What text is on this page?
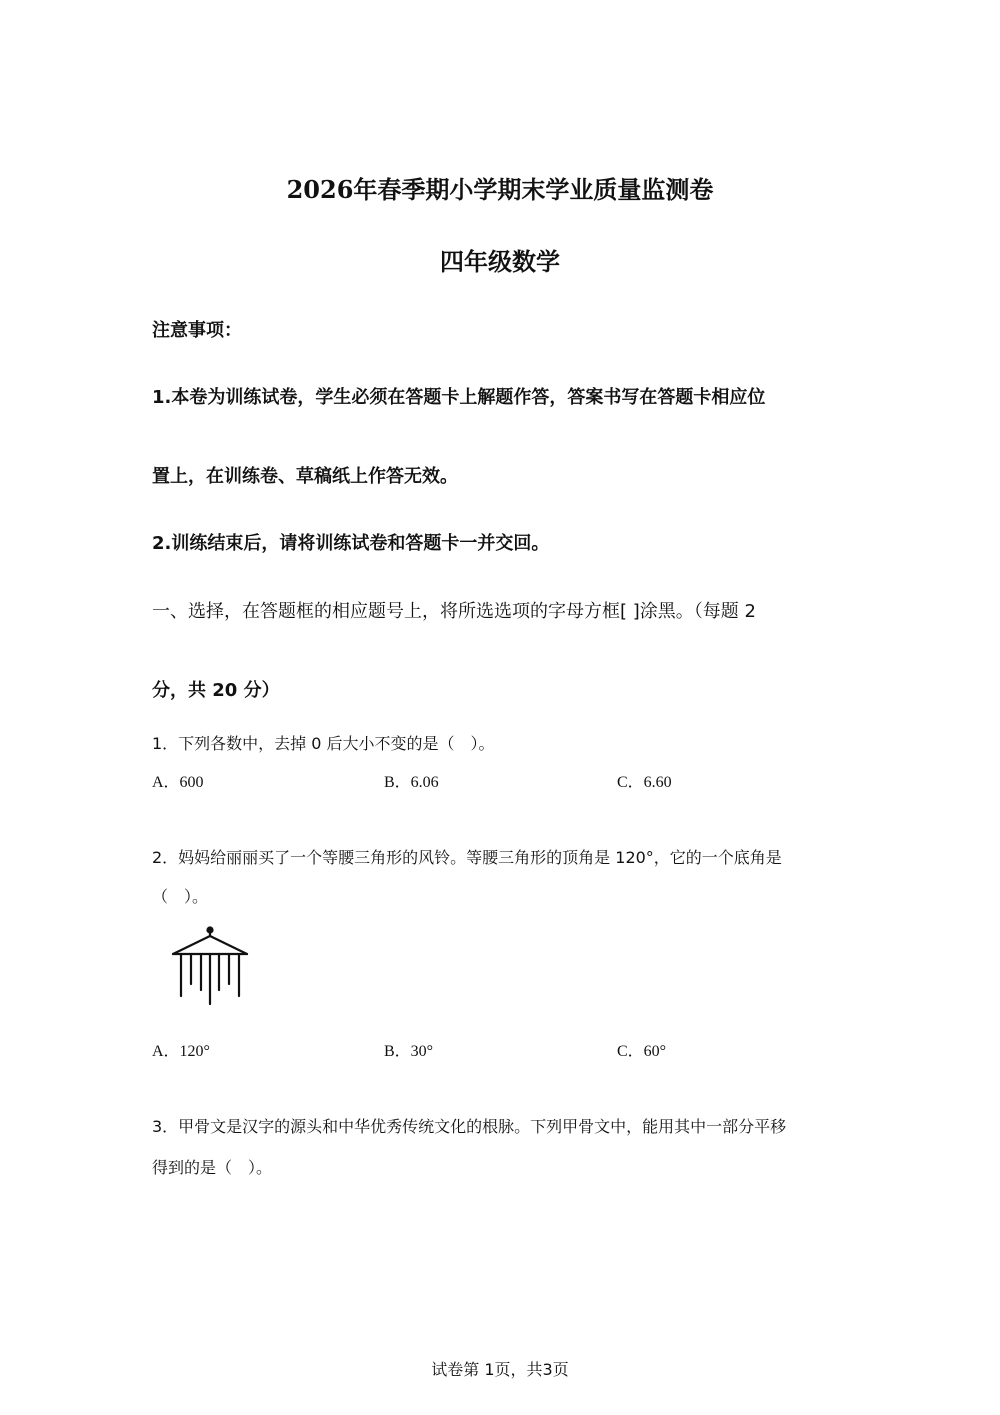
2026年春季期小学期末学业质量监测卷
四年级数学
注意事项：
1.本卷为训练试卷，学生必须在答题卡上解题作答，答案书写在答题卡相应位
置上，在训练卷、草稿纸上作答无效。
2.训练结束后，请将训练试卷和答题卡一并交回。
一、选择，在答题框的相应题号上，将所选选项的字母方框[ ]涂黑。（每题 2
分，共 20 分）
1．下列各数中，去掉 0 后大小不变的是（　）。
A．600	B．6.06	C．6.60
2．妈妈给丽丽买了一个等腰三角形的风铃。等腰三角形的顶角是 120°，它的一个底角是
（　）。
A．120°	B．30°	C．60°
3．甲骨文是汉字的源头和中华优秀传统文化的根脉。下列甲骨文中，能用其中一部分平移
得到的是（　）。
试卷第 1页，共3页
